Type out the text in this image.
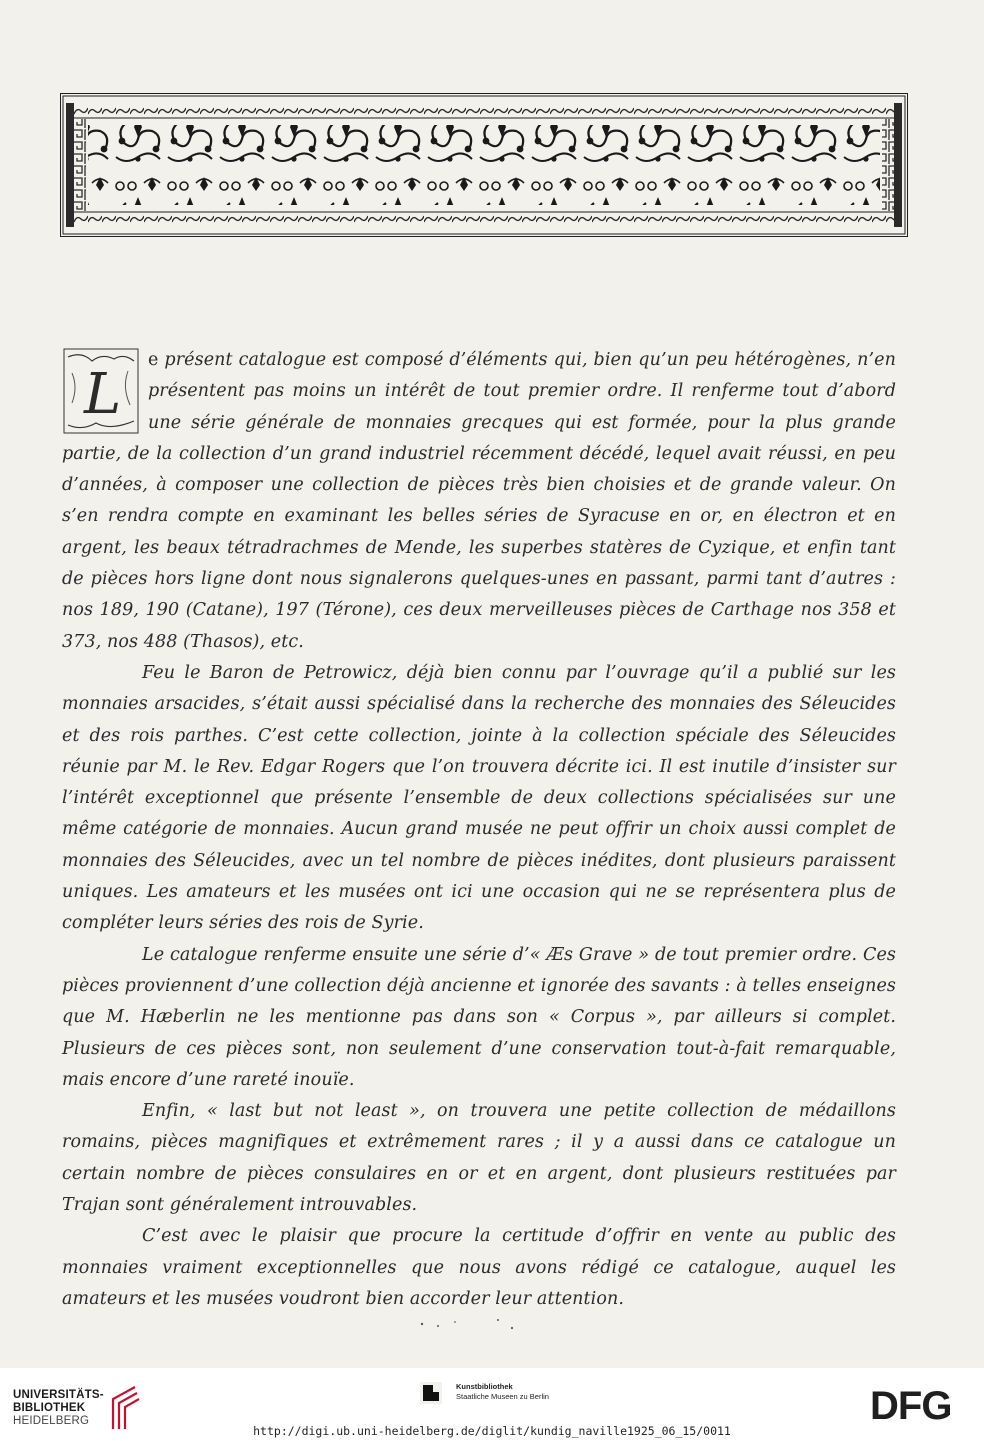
L
e présent catalogue est composé d’éléments qui, bien qu’un peu hétérogènes, n’en présentent pas moins un intérêt de tout premier ordre. Il renferme tout d’abord une série générale de monnaies grecques qui est formée, pour la plus grande partie, de la collection d’un grand industriel récemment décédé, lequel avait réussi, en peu d’années, à composer une collection de pièces très bien choisies et de grande valeur. On s’en rendra compte en examinant les belles séries de Syracuse en or, en électron et en argent, les beaux tétradrachmes de Mende, les superbes statères de Cyzique, et enfin tant de pièces hors ligne dont nous signalerons quelques-unes en passant, parmi tant d’autres : nos 189, 190 (Catane), 197 (Térone), ces deux merveilleuses pièces de Carthage nos 358 et 373, nos 488 (Thasos), etc.

Feu le Baron de Petrowicz, déjà bien connu par l’ouvrage qu’il a publié sur les monnaies arsacides, s’était aussi spécialisé dans la recherche des monnaies des Séleucides et des rois parthes. C’est cette collection, jointe à la collection spéciale des Séleucides réunie par M. le Rev. Edgar Rogers que l’on trouvera décrite ici. Il est inutile d’insister sur l’intérêt exceptionnel que présente l’ensemble de deux collections spécialisées sur une même catégorie de monnaies. Aucun grand musée ne peut offrir un choix aussi complet de monnaies des Séleucides, avec un tel nombre de pièces inédites, dont plusieurs paraissent uniques. Les amateurs et les musées ont ici une occasion qui ne se représentera plus de compléter leurs séries des rois de Syrie.

Le catalogue renferme ensuite une série d’« Æs Grave » de tout premier ordre. Ces pièces proviennent d’une collection déjà ancienne et ignorée des savants : à telles enseignes que M. Hæberlin ne les mentionne pas dans son « Corpus », par ailleurs si complet. Plusieurs de ces pièces sont, non seulement d’une conservation tout-à-fait remarquable, mais encore d’une rareté inouïe.

Enfin, « last but not least », on trouvera une petite collection de médaillons romains, pièces magnifiques et extrêmement rares ; il y a aussi dans ce catalogue un certain nombre de pièces consulaires en or et en argent, dont plusieurs restituées par Trajan sont généralement introuvables.

C’est avec le plaisir que procure la certitude d’offrir en vente au public des monnaies vraiment exceptionnelles que nous avons rédigé ce catalogue, auquel les amateurs et les musées voudront bien accorder leur attention.

UNIVERSITÄTS-
BIBLIOTHEK
HEIDELBERG
Kunstbibliothek
Staatliche Museen zu Berlin	DFG
http://digi.ub.uni-heidelberg.de/diglit/kundig_naville1925_06_15/0011
